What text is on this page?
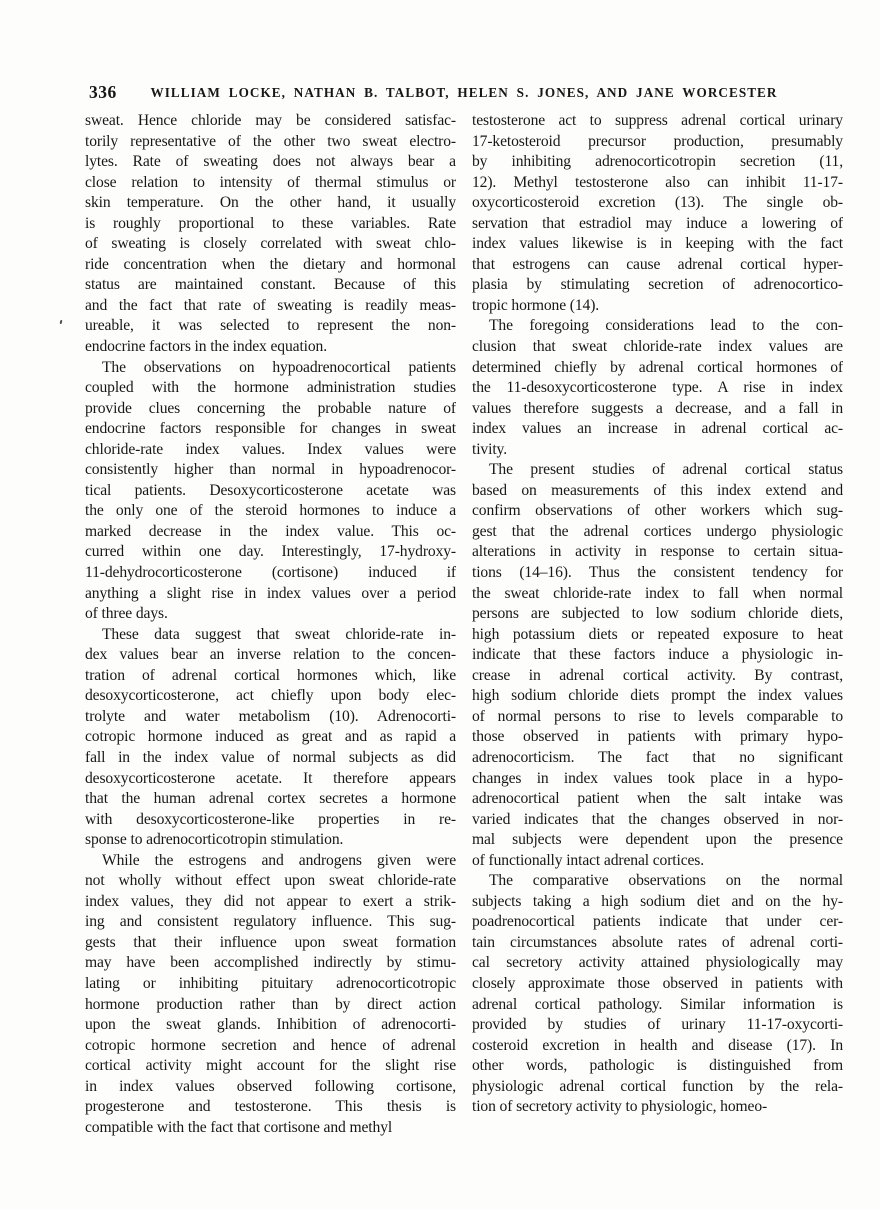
336	WILLIAM LOCKE, NATHAN B. TALBOT, HELEN S. JONES, AND JANE WORCESTER
sweat. Hence chloride may be considered satisfac-
torily representative of the other two sweat electro-
lytes. Rate of sweating does not always bear a
close relation to intensity of thermal stimulus or
skin temperature. On the other hand, it usually
is roughly proportional to these variables. Rate
of sweating is closely correlated with sweat chlo-
ride concentration when the dietary and hormonal
status are maintained constant. Because of this
and the fact that rate of sweating is readily meas-
ureable, it was selected to represent the non-
endocrine factors in the index equation.
The observations on hypoadrenocortical patients
coupled with the hormone administration studies
provide clues concerning the probable nature of
endocrine factors responsible for changes in sweat
chloride-rate index values. Index values were
consistently higher than normal in hypoadrenocor-
tical patients. Desoxycorticosterone acetate was
the only one of the steroid hormones to induce a
marked decrease in the index value. This oc-
curred within one day. Interestingly, 17-hydroxy-
11-dehydrocorticosterone (cortisone) induced if
anything a slight rise in index values over a period
of three days.
These data suggest that sweat chloride-rate in-
dex values bear an inverse relation to the concen-
tration of adrenal cortical hormones which, like
desoxycorticosterone, act chiefly upon body elec-
trolyte and water metabolism (10). Adrenocorti-
cotropic hormone induced as great and as rapid a
fall in the index value of normal subjects as did
desoxycorticosterone acetate. It therefore appears
that the human adrenal cortex secretes a hormone
with desoxycorticosterone-like properties in re-
sponse to adrenocorticotropin stimulation.
While the estrogens and androgens given were
not wholly without effect upon sweat chloride-rate
index values, they did not appear to exert a strik-
ing and consistent regulatory influence. This sug-
gests that their influence upon sweat formation
may have been accomplished indirectly by stimu-
lating or inhibiting pituitary adrenocorticotropic
hormone production rather than by direct action
upon the sweat glands. Inhibition of adrenocorti-
cotropic hormone secretion and hence of adrenal
cortical activity might account for the slight rise
in index values observed following cortisone,
progesterone and testosterone. This thesis is
compatible with the fact that cortisone and methyl
testosterone act to suppress adrenal cortical urinary
17-ketosteroid precursor production, presumably
by inhibiting adrenocorticotropin secretion (11,
12). Methyl testosterone also can inhibit 11-17-
oxycorticosteroid excretion (13). The single ob-
servation that estradiol may induce a lowering of
index values likewise is in keeping with the fact
that estrogens can cause adrenal cortical hyper-
plasia by stimulating secretion of adrenocortico-
tropic hormone (14).
The foregoing considerations lead to the con-
clusion that sweat chloride-rate index values are
determined chiefly by adrenal cortical hormones of
the 11-desoxycorticosterone type. A rise in index
values therefore suggests a decrease, and a fall in
index values an increase in adrenal cortical ac-
tivity.
The present studies of adrenal cortical status
based on measurements of this index extend and
confirm observations of other workers which sug-
gest that the adrenal cortices undergo physiologic
alterations in activity in response to certain situa-
tions (14–16). Thus the consistent tendency for
the sweat chloride-rate index to fall when normal
persons are subjected to low sodium chloride diets,
high potassium diets or repeated exposure to heat
indicate that these factors induce a physiologic in-
crease in adrenal cortical activity. By contrast,
high sodium chloride diets prompt the index values
of normal persons to rise to levels comparable to
those observed in patients with primary hypo-
adrenocorticism. The fact that no significant
changes in index values took place in a hypo-
adrenocortical patient when the salt intake was
varied indicates that the changes observed in nor-
mal subjects were dependent upon the presence
of functionally intact adrenal cortices.
The comparative observations on the normal
subjects taking a high sodium diet and on the hy-
poadrenocortical patients indicate that under cer-
tain circumstances absolute rates of adrenal corti-
cal secretory activity attained physiologically may
closely approximate those observed in patients with
adrenal cortical pathology. Similar information is
provided by studies of urinary 11-17-oxycorti-
costeroid excretion in health and disease (17). In
other words, pathologic is distinguished from
physiologic adrenal cortical function by the rela-
tion of secretory activity to physiologic, homeo-
